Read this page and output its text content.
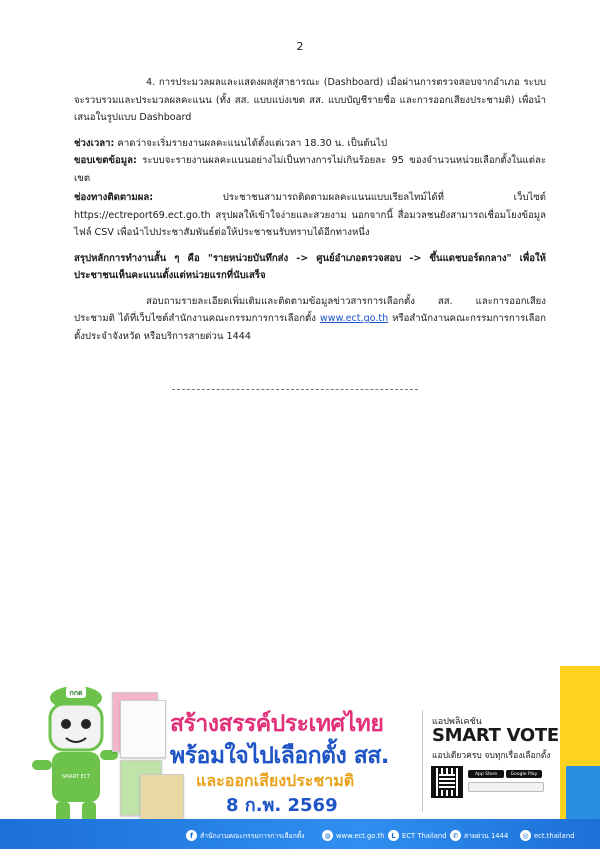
2

4. การประมวลผลและแสดงผลสู่สาธารณะ (Dashboard) เมื่อผ่านการตรวจสอบจากอำเภอ ระบบจะรวบรวมและประมวลผลคะแนน (ทั้ง สส. แบบแบ่งเขต สส. แบบบัญชีรายชื่อ และการออกเสียงประชามติ) เพื่อนำเสนอในรูปแบบ Dashboard

ช่วงเวลา: คาดว่าจะเริ่มรายงานผลคะแนนได้ตั้งแต่เวลา 18.30 น. เป็นต้นไป

ขอบเขตข้อมูล: ระบบจะรายงานผลคะแนนอย่างไม่เป็นทางการไม่เกินร้อยละ 95 ของจำนวนหน่วยเลือกตั้งในแต่ละเขต

ช่องทางติดตามผล: ประชาชนสามารถติดตามผลคะแนนแบบเรียลไทม์ได้ที่ เว็บไซต์ https://ectreport69.ect.go.th สรุปผลให้เข้าใจง่ายและสวยงาม นอกจากนี้ สื่อมวลชนยังสามารถเชื่อมโยงข้อมูลไฟล์ CSV เพื่อนำไปประชาสัมพันธ์ต่อให้ประชาชนรับทราบได้อีกทางหนึ่ง

สรุปหลักการทำงานสั้น ๆ คือ "รายหน่วยบันทึกส่ง -> ศูนย์อำเภอตรวจสอบ -> ขึ้นแดชบอร์ดกลาง" เพื่อให้ประชาชนเห็นคะแนนตั้งแต่หน่วยแรกที่นับเสร็จ

สอบถามรายละเอียดเพิ่มเติมและติดตามข้อมูลข่าวสารการเลือกตั้ง สส. และการออกเสียงประชามติ ได้ที่เว็บไซต์สำนักงานคณะกรรมการการเลือกตั้ง www.ect.go.th หรือสำนักงานคณะกรรมการการเลือกตั้งประจำจังหวัด หรือบริการสายด่วน 1444

กกต
SMART ECT
สร้างสรรค์ประเทศไทย
พร้อมใจไปเลือกตั้ง สส.
และออกเสียงประชามติ
8 ก.พ. 2569
แอปพลิเคชัน
SMART VOTE
แอปเดียวครบ จบทุกเรื่องเลือกตั้ง
App Store	Google Play
f	สำนักงานคณะกรรมการการเลือกตั้ง	◍ www.ect.go.th L ECT Thailand ✆ สายด่วน 1444	◎ ect.thailand
